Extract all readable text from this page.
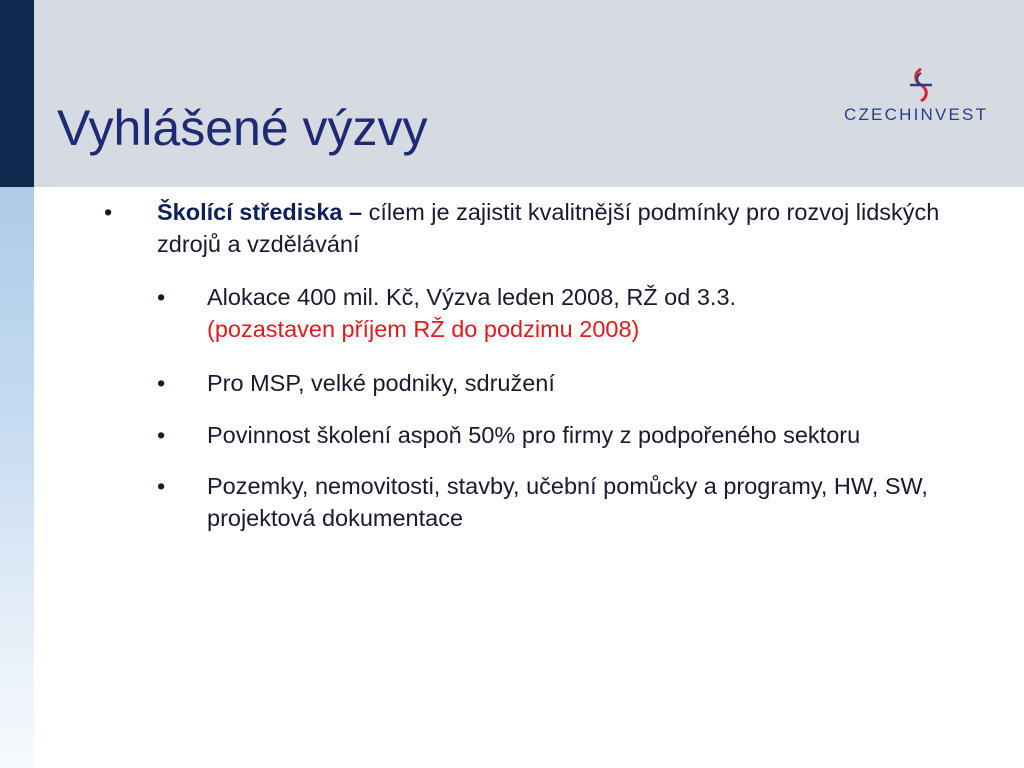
Vyhlášené výzvy	CZECHINVEST
• Školící střediska – cílem je zajistit kvalitnější podmínky pro rozvoj lidských zdrojů a vzdělávání
• Alokace 400 mil. Kč, Výzva leden 2008, RŽ od 3.3.
(pozastaven příjem RŽ do podzimu 2008)
• Pro MSP, velké podniky, sdružení
• Povinnost školení aspoň 50% pro firmy z podpořeného sektoru
• Pozemky, nemovitosti, stavby, učební pomůcky a programy, HW, SW, projektová dokumentace
